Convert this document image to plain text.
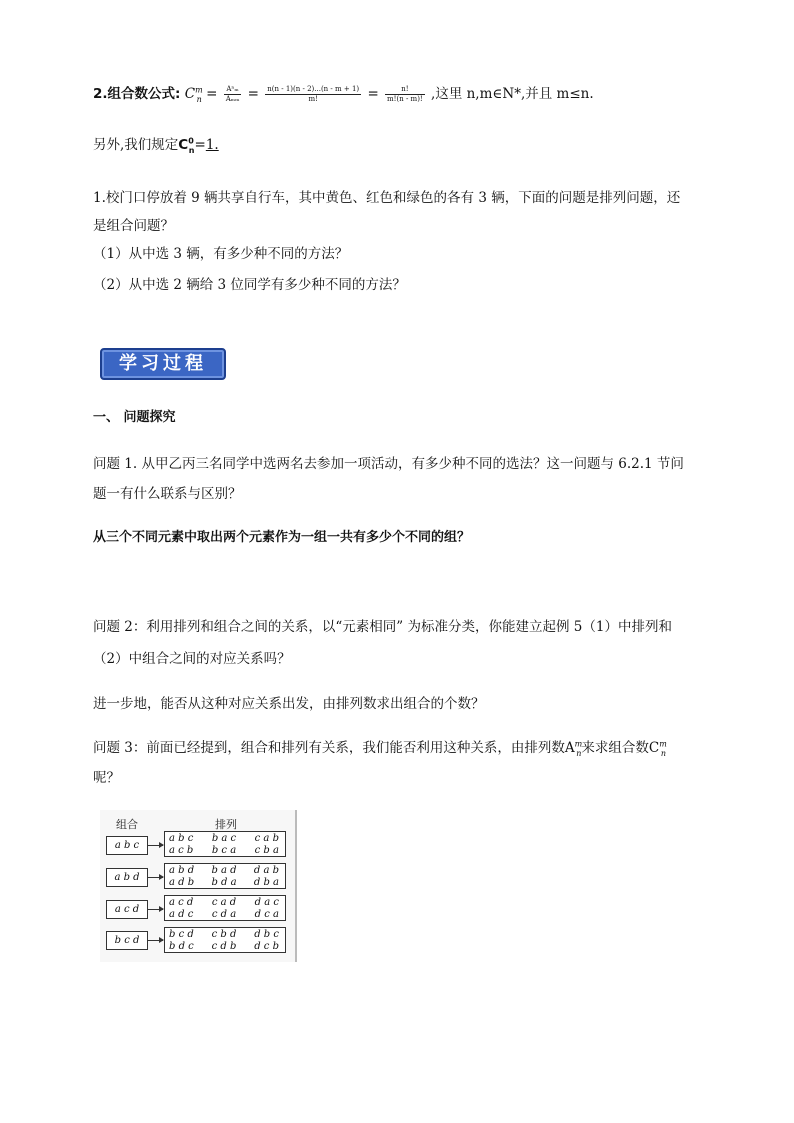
2.组合数公式: $C^m_n = \frac{\text{Aⁿₘ}}{\text{Aₘₘ}} = \frac{n(n - 1)(n - 2)...(n - m + 1)}{m!} = \frac{n!}{m!(n - m)!}$ ,这里 n,m∈N*,并且 m≤n.
另外,我们规定$C^0_n=1$.
1.校门口停放着 9 辆共享自行车，其中黄色、红色和绿色的各有 3 辆，下面的问题是排列问题，还
是组合问题？
（1）从中选 3 辆，有多少种不同的方法？
（2）从中选 2 辆给 3 位同学有多少种不同的方法？
学习过程
一、 问题探究
问题 1. 从甲乙丙三名同学中选两名去参加一项活动，有多少种不同的选法？这一问题与 6.2.1 节问
题一有什么联系与区别？
从三个不同元素中取出两个元素作为一组一共有多少个不同的组？
问题 2：利用排列和组合之间的关系，以“元素相同” 为标准分类，你能建立起例 5（1）中排列和
（2）中组合之间的对应关系吗？
进一步地，能否从这种对应关系出发，由排列数求出组合的个数？
问题 3：前面已经提到，组合和排列有关系，我们能否利用这种关系，由排列数$A^m_n$来求组合数$C^m_n$
呢？
组合	排列
a b c
a b c b a c c a b
a c b b c a c b a
a b d
a b d b a d d a b
a d b b d a d b a
a c d
a c d c a d d a c
a d c c d a d c a
b c d
b c d c b d d b c
b d c c d b d c b
